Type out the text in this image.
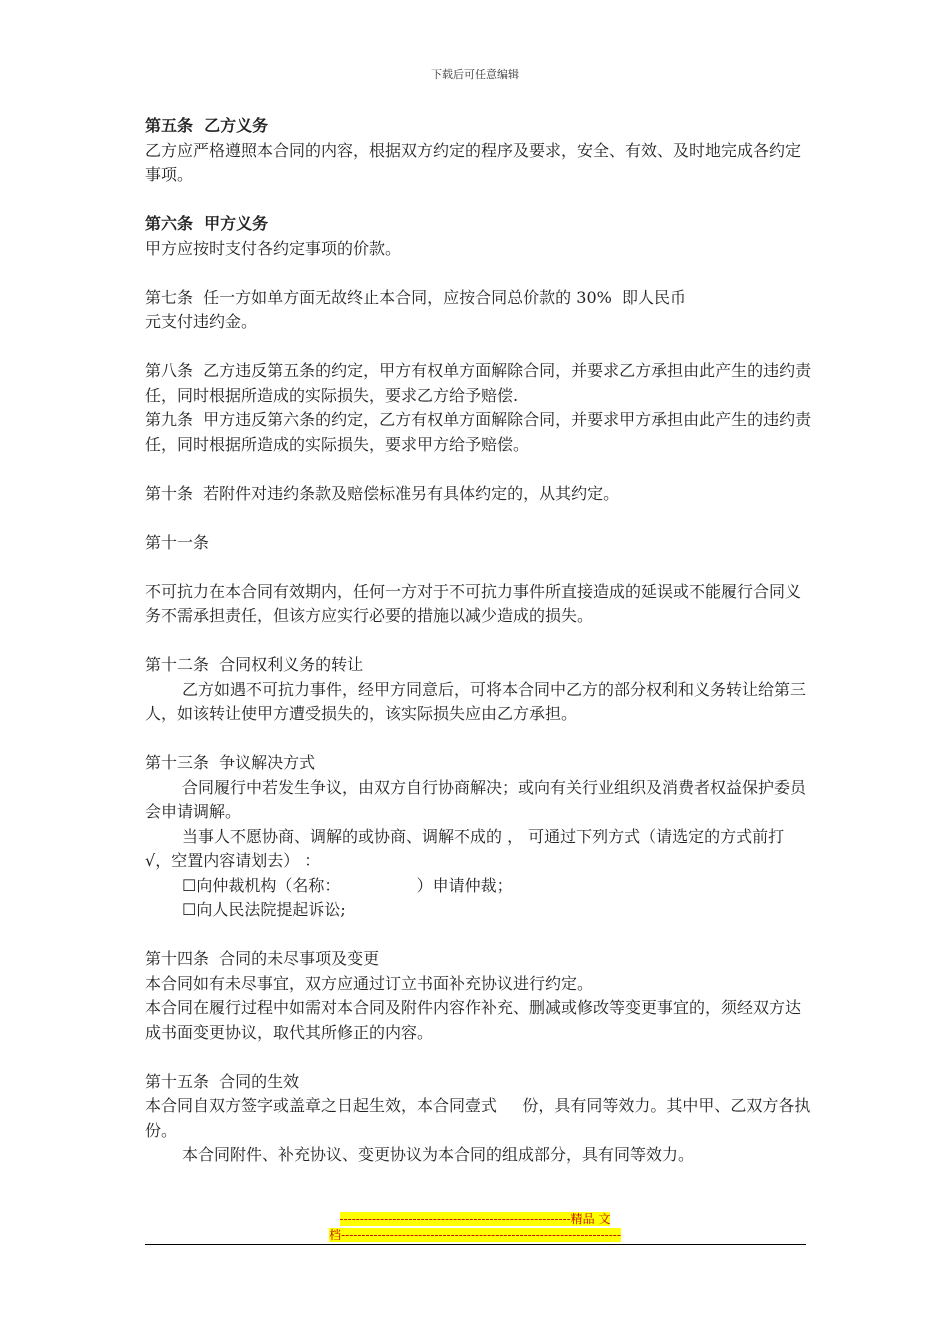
下载后可任意编辑
第五条  乙方义务
乙方应严格遵照本合同的内容，根据双方约定的程序及要求，安全、有效、及时地完成各约定事项。
第六条  甲方义务
甲方应按时支付各约定事项的价款。
第七条  任一方如单方面无故终止本合同，应按合同总价款的 30%  即人民币
元支付违约金。
第八条  乙方违反第五条的约定，甲方有权单方面解除合同，并要求乙方承担由此产生的违约责任，同时根据所造成的实际损失，要求乙方给予赔偿.
第九条  甲方违反第六条的约定，乙方有权单方面解除合同，并要求甲方承担由此产生的违约责任，同时根据所造成的实际损失，要求甲方给予赔偿。
第十条  若附件对违约条款及赔偿标准另有具体约定的，从其约定。
第十一条
不可抗力在本合同有效期内，任何一方对于不可抗力事件所直接造成的延误或不能履行合同义务不需承担责任，但该方应实行必要的措施以减少造成的损失。
第十二条  合同权利义务的转让
乙方如遇不可抗力事件，经甲方同意后，可将本合同中乙方的部分权利和义务转让给第三人，如该转让使甲方遭受损失的，该实际损失应由乙方承担。
第十三条  争议解决方式
合同履行中若发生争议，由双方自行协商解决；或向有关行业组织及消费者权益保护委员会申请调解。
当事人不愿协商、调解的或协商、调解不成的 ， 可通过下列方式（请选定的方式前打 √，空置内容请划去） ：
☐向仲裁机构（名称：               ）申请仲裁；
☐向人民法院提起诉讼;
第十四条  合同的未尽事项及变更
本合同如有未尽事宜，双方应通过订立书面补充协议进行约定。
本合同在履行过程中如需对本合同及附件内容作补充、删减或修改等变更事宜的，须经双方达成书面变更协议，取代其所修正的内容。
第十五条  合同的生效
本合同自双方签字或盖章之日起生效，本合同壹式     份，具有同等效力。其中甲、乙双方各执     份。
本合同附件、补充协议、变更协议为本合同的组成部分，具有同等效力。
---------------------------------------------------------精品 文
档---------------------------------------------------------------------
